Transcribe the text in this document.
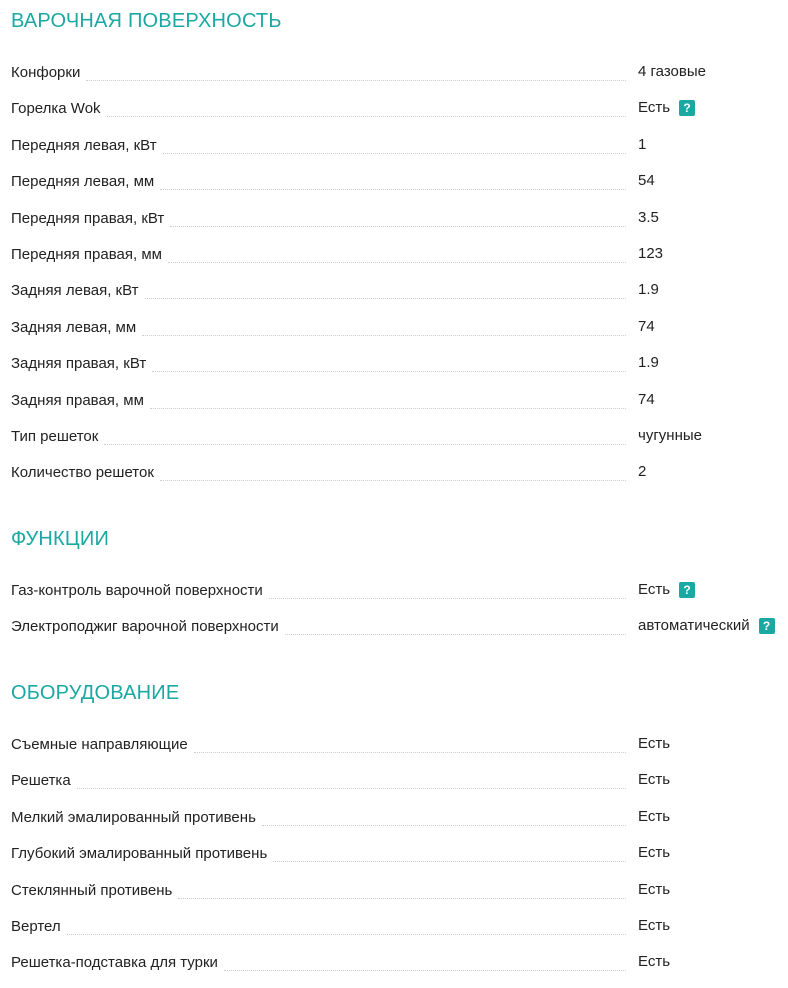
ВАРОЧНАЯ ПОВЕРХНОСТЬ
Конфорки	4 газовые
Горелка Wok	Есть	?
Передняя левая, кВт	1
Передняя левая, мм	54
Передняя правая, кВт	3.5
Передняя правая, мм	123
Задняя левая, кВт	1.9
Задняя левая, мм	74
Задняя правая, кВт	1.9
Задняя правая, мм	74
Тип решеток	чугунные
Количество решеток	2
ФУНКЦИИ
Газ-контроль варочной поверхности	Есть	?
Электроподжиг варочной поверхности	автоматический	?
ОБОРУДОВАНИЕ
Съемные направляющие	Есть
Решетка	Есть
Мелкий эмалированный противень	Есть
Глубокий эмалированный противень	Есть
Стеклянный противень	Есть
Вертел	Есть
Решетка-подставка для турки	Есть
